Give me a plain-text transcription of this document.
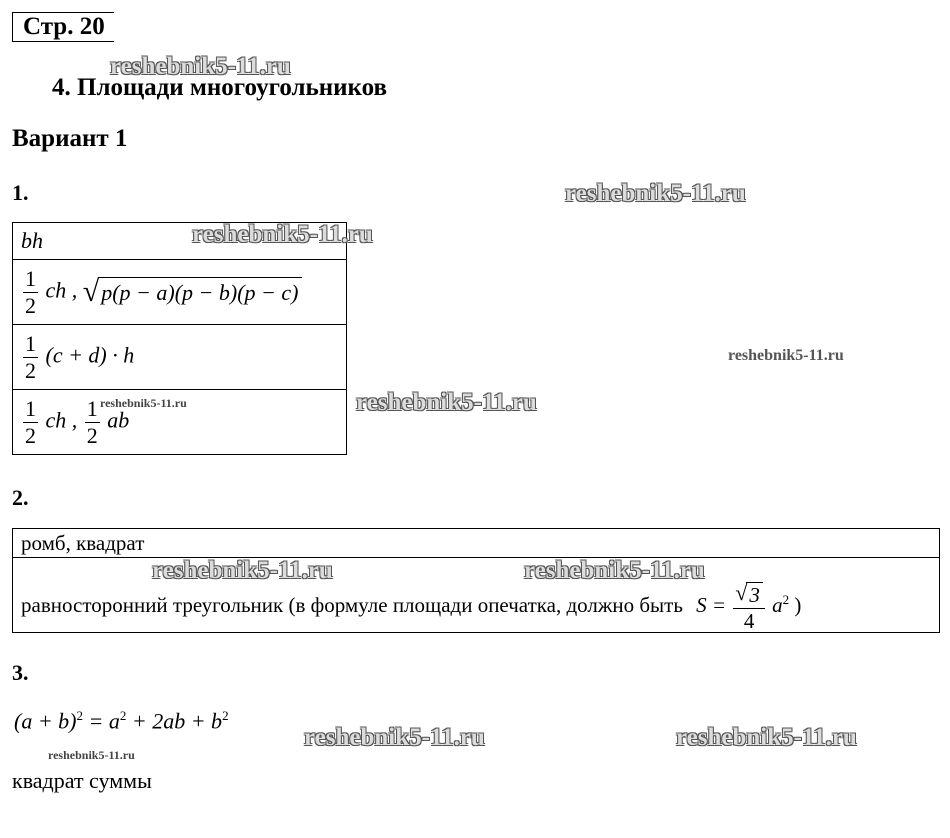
Стр. 20
reshebnik5-11.ru
4. Площади многоугольников
Вариант 1
1.	reshebnik5-11.ru
bh

$\frac{1}{2}$ ch , √ p(p − a)(p − b)(p − c)

$\frac{1}{2} (c + d) \cdot h$

$\frac{1}{2}$ ch , $\frac{1}{2}$ ab
reshebnik5-11.ru
reshebnik5-11.ru
reshebnik5-11.ru
reshebnik5-11.ru
2.
ромб, квадрат
равносторонний треугольник (в формуле площади опечатка, должно быть $S = \frac{√ 3}{4} a^2$ )
reshebnik5-11.ru	reshebnik5-11.ru
3.
$(a + b)^2 = a^2 + 2ab + b^2$
reshebnik5-11.ru
reshebnik5-11.ru	reshebnik5-11.ru
квадрат суммы
